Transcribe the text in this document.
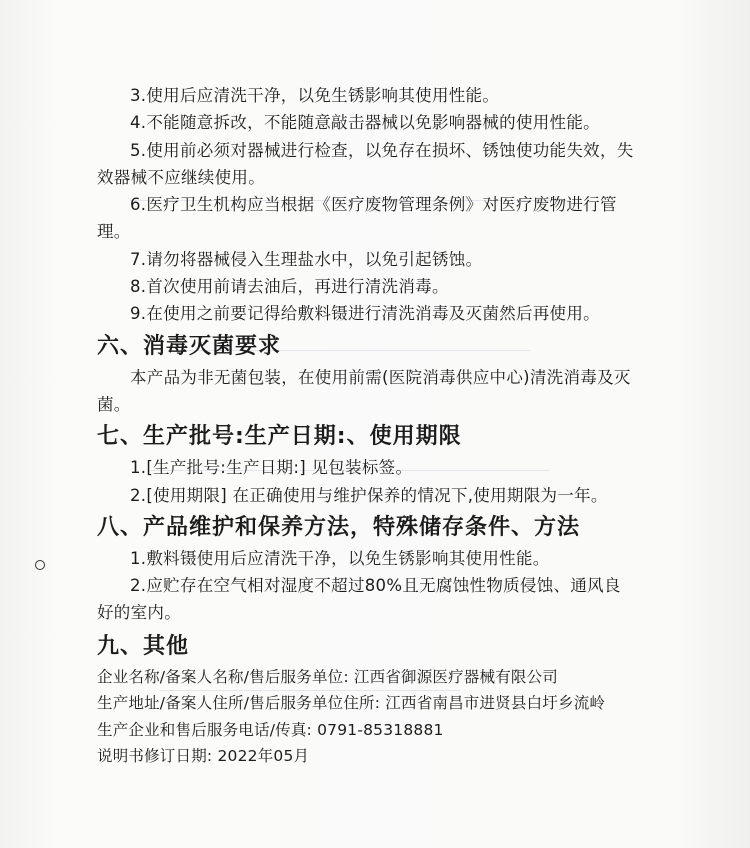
3.使用后应清洗干净，以免生锈影响其使用性能。

4.不能随意拆改，不能随意敲击器械以免影响器械的使用性能。

5.使用前必须对器械进行检查，以免存在损坏、锈蚀使功能失效，失效器械不应继续使用。

6.医疗卫生机构应当根据《医疗废物管理条例》对医疗废物进行管理。

7.请勿将器械侵入生理盐水中，以免引起锈蚀。

8.首次使用前请去油后，再进行清洗消毒。

9.在使用之前要记得给敷料镊进行清洗消毒及灭菌然后再使用。

六、消毒灭菌要求

本产品为非无菌包装，在使用前需(医院消毒供应中心)清洗消毒及灭菌。

七、生产批号:生产日期:、使用期限

1.[生产批号:生产日期:] 见包装标签。

2.[使用期限] 在正确使用与维护保养的情况下,使用期限为一年。

八、产品维护和保养方法，特殊储存条件、方法

1.敷料镊使用后应清洗干净，以免生锈影响其使用性能。

2.应贮存在空气相对湿度不超过80%且无腐蚀性物质侵蚀、通风良好的室内。

九、其他

企业名称/备案人名称/售后服务单位: 江西省御源医疗器械有限公司

生产地址/备案人住所/售后服务单位住所: 江西省南昌市进贤县白圩乡流岭

生产企业和售后服务电话/传真: 0791-85318881

说明书修订日期: 2022年05月
